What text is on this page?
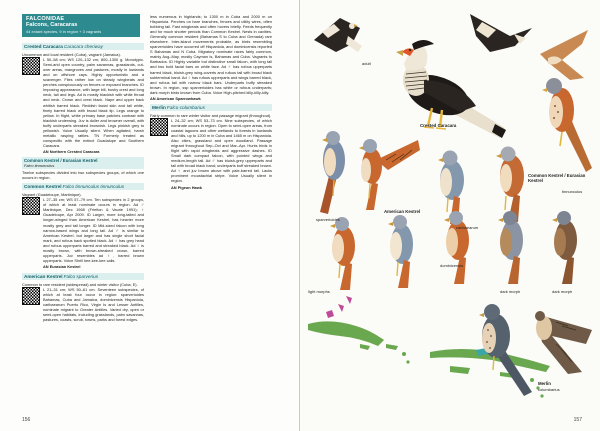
FALCONIDAE
Falcons, Caracaras
44 extant species, 9 in region + 3 vagrants
Crested Caracara Caracara cheriway
Uncommon and local resident (Cuba), vagrant (Jamaica).
L 50–58 cm; WS 120–132 cm; 800–1300 g. Monotypic. Semi-arid open country, palm savannas, grasslands, cut-over areas, mangroves and pastures, mostly in lowlands and on offshore cays. Highly opportunistic and a scavenger. Flies rather low on steady wingbeats and perches conspicuously on fences or exposed branches. ID Imposing appearance, with large bill, bushy crest and long neck, tail and legs. Ad is mostly blackish with white throat and neck. Crown and crest black. Nape and upper back whitish barred black. Reddish facial skin and tail white, finely barred black with broad black tip. Legs orange to yellow. In flight, white primary base patches contrast with blackish underwing. Juv is duller and browner overall, with buffy underparts streaked brownish. Legs pinkish grey to yellowish. Voice Usually silent. When agitated, harsh metallic rasping rattles. TN Formerly treated as conspecific with the extinct Guadalupe and Southern Caracara.
AN Northern Crested Caracara
Common Kestrel / Eurasian Kestrel
Falco tinnunculus
Twelve subspecies divided into two subspecies groups, of which one occurs in region.
Common Kestrel Falco tinnunculus tinnunculus
Vagrant (Guadeloupe, Martinique).
L 27–35 cm; WS 57–79 cm. Ten subspecies in 2 groups, of which at least nominate occurs in region. Ad ♂ Martinique, Dec 1968 (Frielton & Vaurie 1991); ♀ Guadeloupe, Apr 2009. ID Larger, more long-tailed and longer-winged than American Kestrel, has heavier more mostly grey and tail longer. ID Mid-sized falcon with long narrow-based wings and long tail. Ad ♂ is similar to American Kestrel, but larger and has single short facial mark, and rufous back spotted black. Ad ♀ has grey head and rufous upperparts barred and streaked black. Ad ♀ is mostly brown, with brown-streaked crown, barred upperparts. Juv resembles ad ♀, barred brown upperparts. Voice Shrill kee-kee-kee calls.
AN Eurasian Kestrel
American Kestrel Falco sparverius
Common to rare resident (widespread) and winter visitor (Cuba, E).
L 21–31 cm; WS 50–61 cm. Seventeen subspecies, of which at least four occur in region: sparverioides Bahamas, Cuba and Jamaica, dominicensis Hispaniola, caribaearum Puerto Rico, Virgin Is and Lesser Antilles, nominate migrant to Greater Antilles. Varied dry, open or semi-open habitats, including grasslands, palm savannas, pastures, coasts, scrub, towns, parks and forest edges.
less numerous in highlands; to 1300 m in Cuba and 2000 m on Hispaniola. Perches on bare branches, fences and utility wires, often bobbing tail. Fast wingbeats and often hovers briefly. Feeds frequently and for much shorter periods than Common Kestrel. Nests in cavities. Generally common resident (Bahamas S to Cuba and Grenada) rare elsewhere. Inter-island movements probable, as birds resembling sparverioides have occurred off Hispaniola, and dominicensis reported S Bahamas and N Cuba. Migratory nominate races fairly common, mainly Aug–May, mostly Cayman Is, Bahamas and Cuba. Vagrants to Barbados. ID Highly variable but distinctive small falcon, with long tail and two bold facial bars on white face. Ad ♂ has rufous upperparts barred black, bluish-grey wing-coverts and rufous tail with broad black subterminal band. Ad ♀ has rufous upperparts and wings barred black, and rufous tail with narrow black bars. Underparts buffy streaked brown. In region, ssp sparverioides has white or rufous underparts; dark morph birds known from Cuba. Voice High-pitched killy-killy-killy.
AN American Sparrowhawk
Merlin Falco columbarius
Fairly common to rare winter visitor and passage migrant (throughout).
L 24–32 cm; WS 53–73 cm. Nine subspecies, of which nominate occurs in region. Open to semi-open areas, from coastal lagoons and other wetlands to forests in lowlands and hills, up to 1200 m in Cuba and 1465 m on Hispaniola. Also cities, grassland and open woodland. Passage migrant throughout Sep–Oct and Mar–Apr. Hunts birds in flight with rapid wingbeats and aggressive dashes. ID Small dark compact falcon, with pointed wings and medium-length tail. Ad ♂ has bluish-grey upperparts and tail with broad black band; underparts buff streaked brown. Ad ♀ and juv brown above with pale-barred tail. Lacks prominent moustachial stripe. Voice Usually silent in region.
AN Pigeon Hawk
156
adult
Crested Caracara
Common Kestrel / Eurasian Kestrel
tinnunculus
sparverioides
caribaearum
American Kestrel
dominicensis
light morphs	dark morph	dark morph
Merlin
columbarius
157
